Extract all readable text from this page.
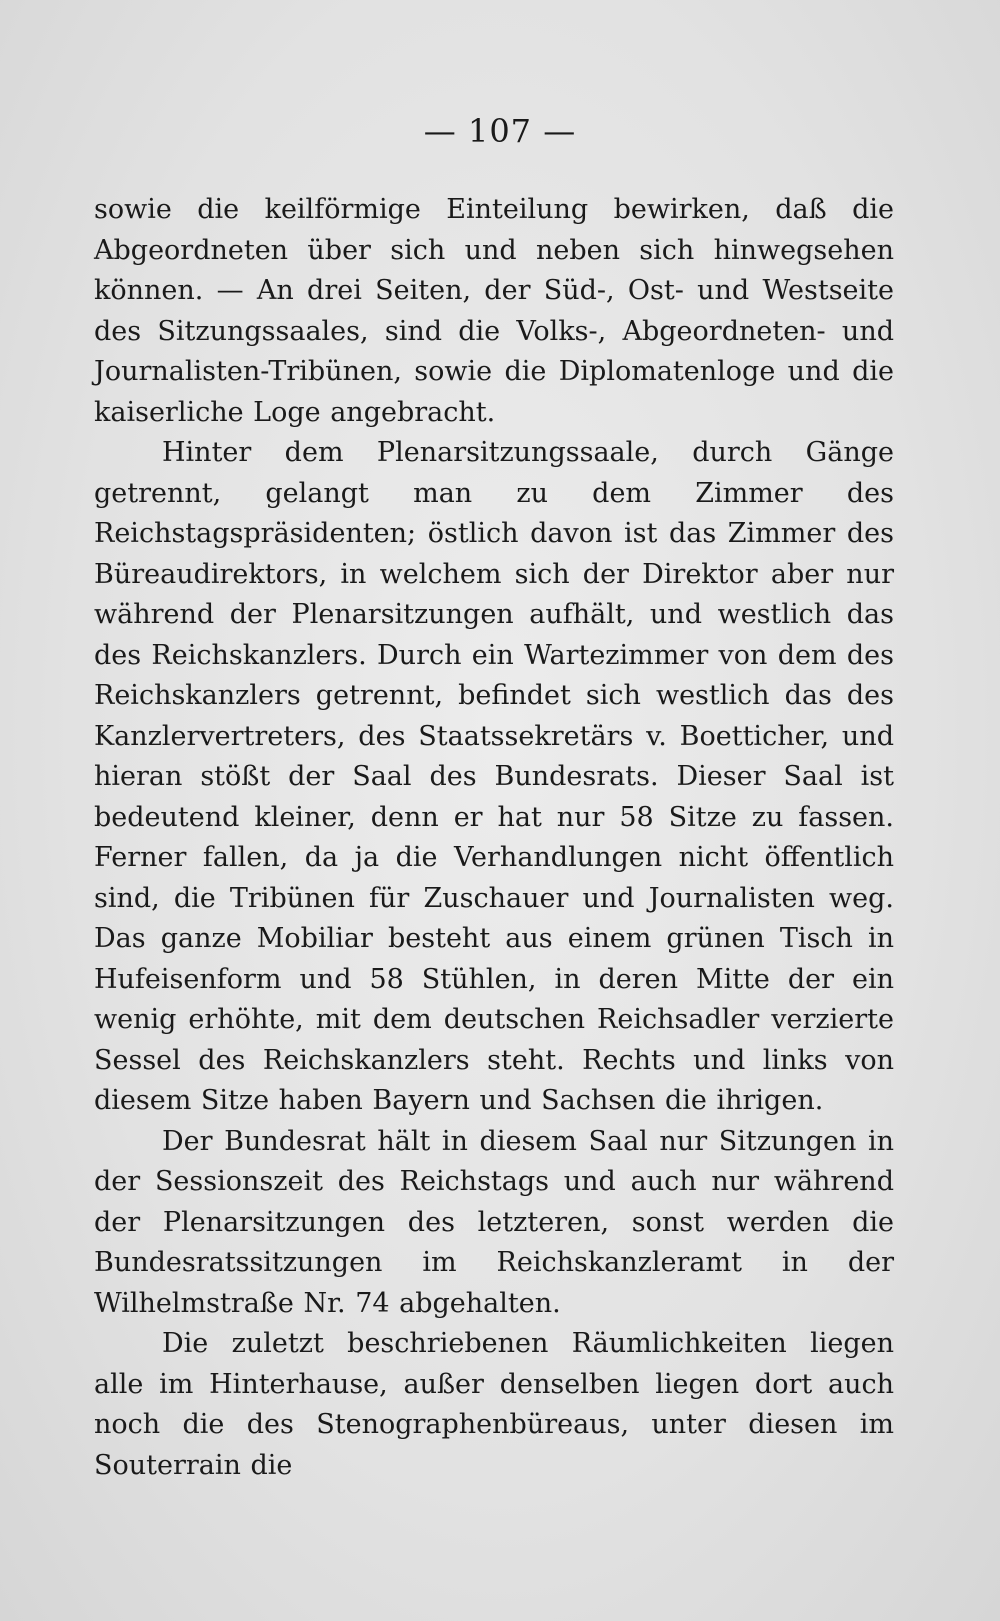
— 107 —

sowie die keilförmige Einteilung bewirken, daß die Abgeordneten über sich und neben sich hinwegsehen können. — An drei Seiten, der Süd-, Ost- und Westseite des Sitzungssaales, sind die Volks-, Abgeordneten- und Journalisten-Tribünen, sowie die Diplomatenloge und die kaiserliche Loge angebracht.

Hinter dem Plenarsitzungssaale, durch Gänge getrennt, gelangt man zu dem Zimmer des Reichstagspräsidenten; östlich davon ist das Zimmer des Büreaudirektors, in welchem sich der Direktor aber nur während der Plenarsitzungen aufhält, und westlich das des Reichskanzlers. Durch ein Wartezimmer von dem des Reichskanzlers getrennt, befindet sich westlich das des Kanzlervertreters, des Staatssekretärs v. Boetticher, und hieran stößt der Saal des Bundesrats. Dieser Saal ist bedeutend kleiner, denn er hat nur 58 Sitze zu fassen. Ferner fallen, da ja die Verhandlungen nicht öffentlich sind, die Tribünen für Zuschauer und Journalisten weg. Das ganze Mobiliar besteht aus einem grünen Tisch in Hufeisenform und 58 Stühlen, in deren Mitte der ein wenig erhöhte, mit dem deutschen Reichsadler verzierte Sessel des Reichskanzlers steht. Rechts und links von diesem Sitze haben Bayern und Sachsen die ihrigen.

Der Bundesrat hält in diesem Saal nur Sitzungen in der Sessionszeit des Reichstags und auch nur während der Plenarsitzungen des letzteren, sonst werden die Bundesratssitzungen im Reichskanzleramt in der Wilhelmstraße Nr. 74 abgehalten.

Die zuletzt beschriebenen Räumlichkeiten liegen alle im Hinterhause, außer denselben liegen dort auch noch die des Stenographenbüreaus, unter diesen im Souterrain die
